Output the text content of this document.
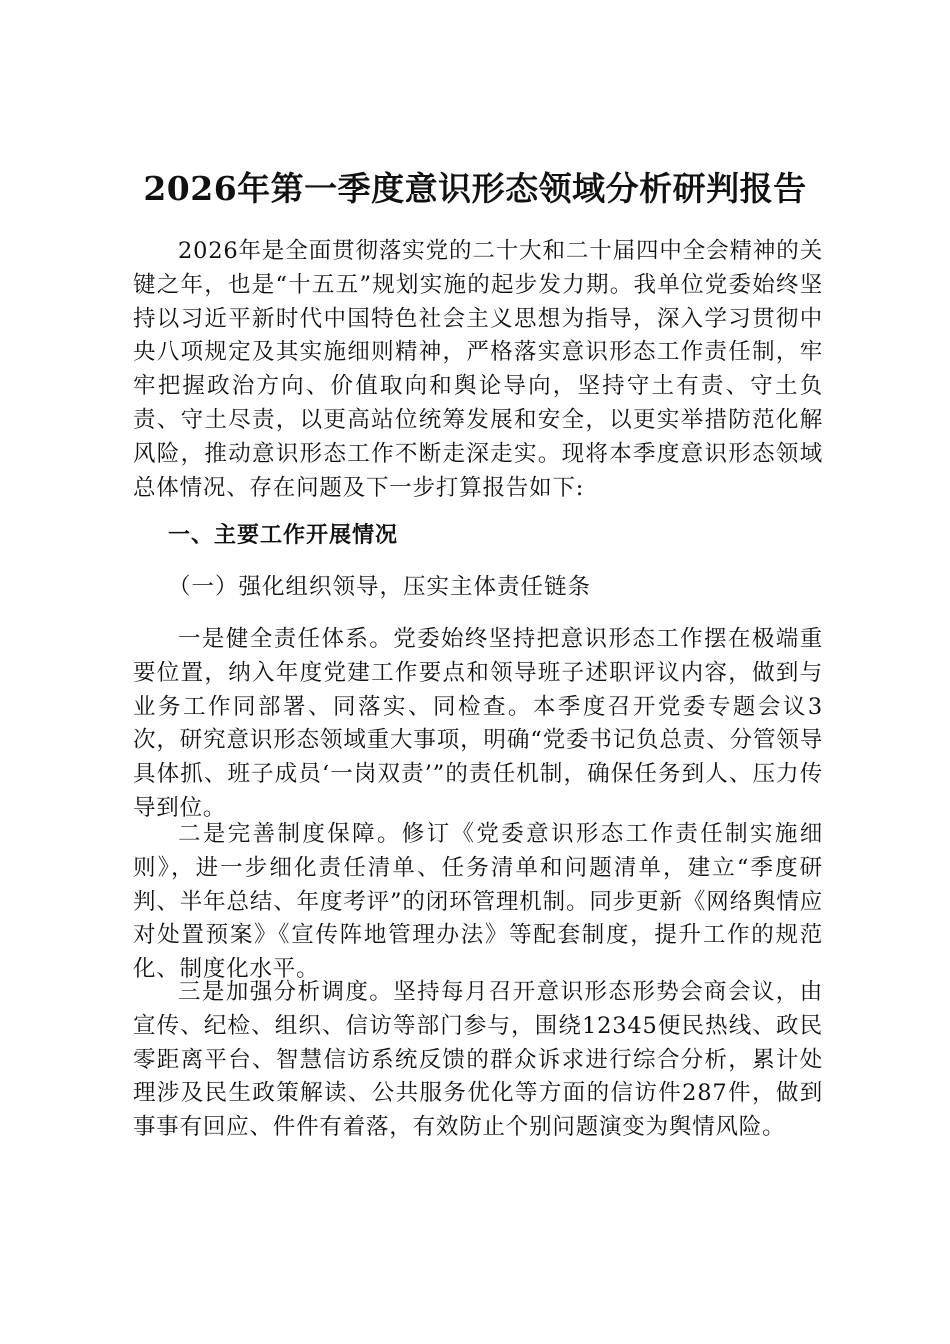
2026年第一季度意识形态领域分析研判报告

2026年是全面贯彻落实党的二十大和二十届四中全会精神的关键之年，也是“十五五”规划实施的起步发力期。我单位党委始终坚持以习近平新时代中国特色社会主义思想为指导，深入学习贯彻中央八项规定及其实施细则精神，严格落实意识形态工作责任制，牢牢把握政治方向、价值取向和舆论导向，坚持守土有责、守土负责、守土尽责，以更高站位统筹发展和安全，以更实举措防范化解风险，推动意识形态工作不断走深走实。现将本季度意识形态领域总体情况、存在问题及下一步打算报告如下:

一、主要工作开展情况
（一）强化组织领导，压实主体责任链条

一是健全责任体系。党委始终坚持把意识形态工作摆在极端重要位置，纳入年度党建工作要点和领导班子述职评议内容，做到与业务工作同部署、同落实、同检查。本季度召开党委专题会议3次，研究意识形态领域重大事项，明确“党委书记负总责、分管领导具体抓、班子成员‘一岗双责’”的责任机制，确保任务到人、压力传导到位。

二是完善制度保障。修订《党委意识形态工作责任制实施细则》，进一步细化责任清单、任务清单和问题清单，建立“季度研判、半年总结、年度考评”的闭环管理机制。同步更新《网络舆情应对处置预案》《宣传阵地管理办法》等配套制度，提升工作的规范化、制度化水平。

三是加强分析调度。坚持每月召开意识形态形势会商会议，由宣传、纪检、组织、信访等部门参与，围绕12345便民热线、政民零距离平台、智慧信访系统反馈的群众诉求进行综合分析，累计处理涉及民生政策解读、公共服务优化等方面的信访件287件，做到事事有回应、件件有着落，有效防止个别问题演变为舆情风险。
